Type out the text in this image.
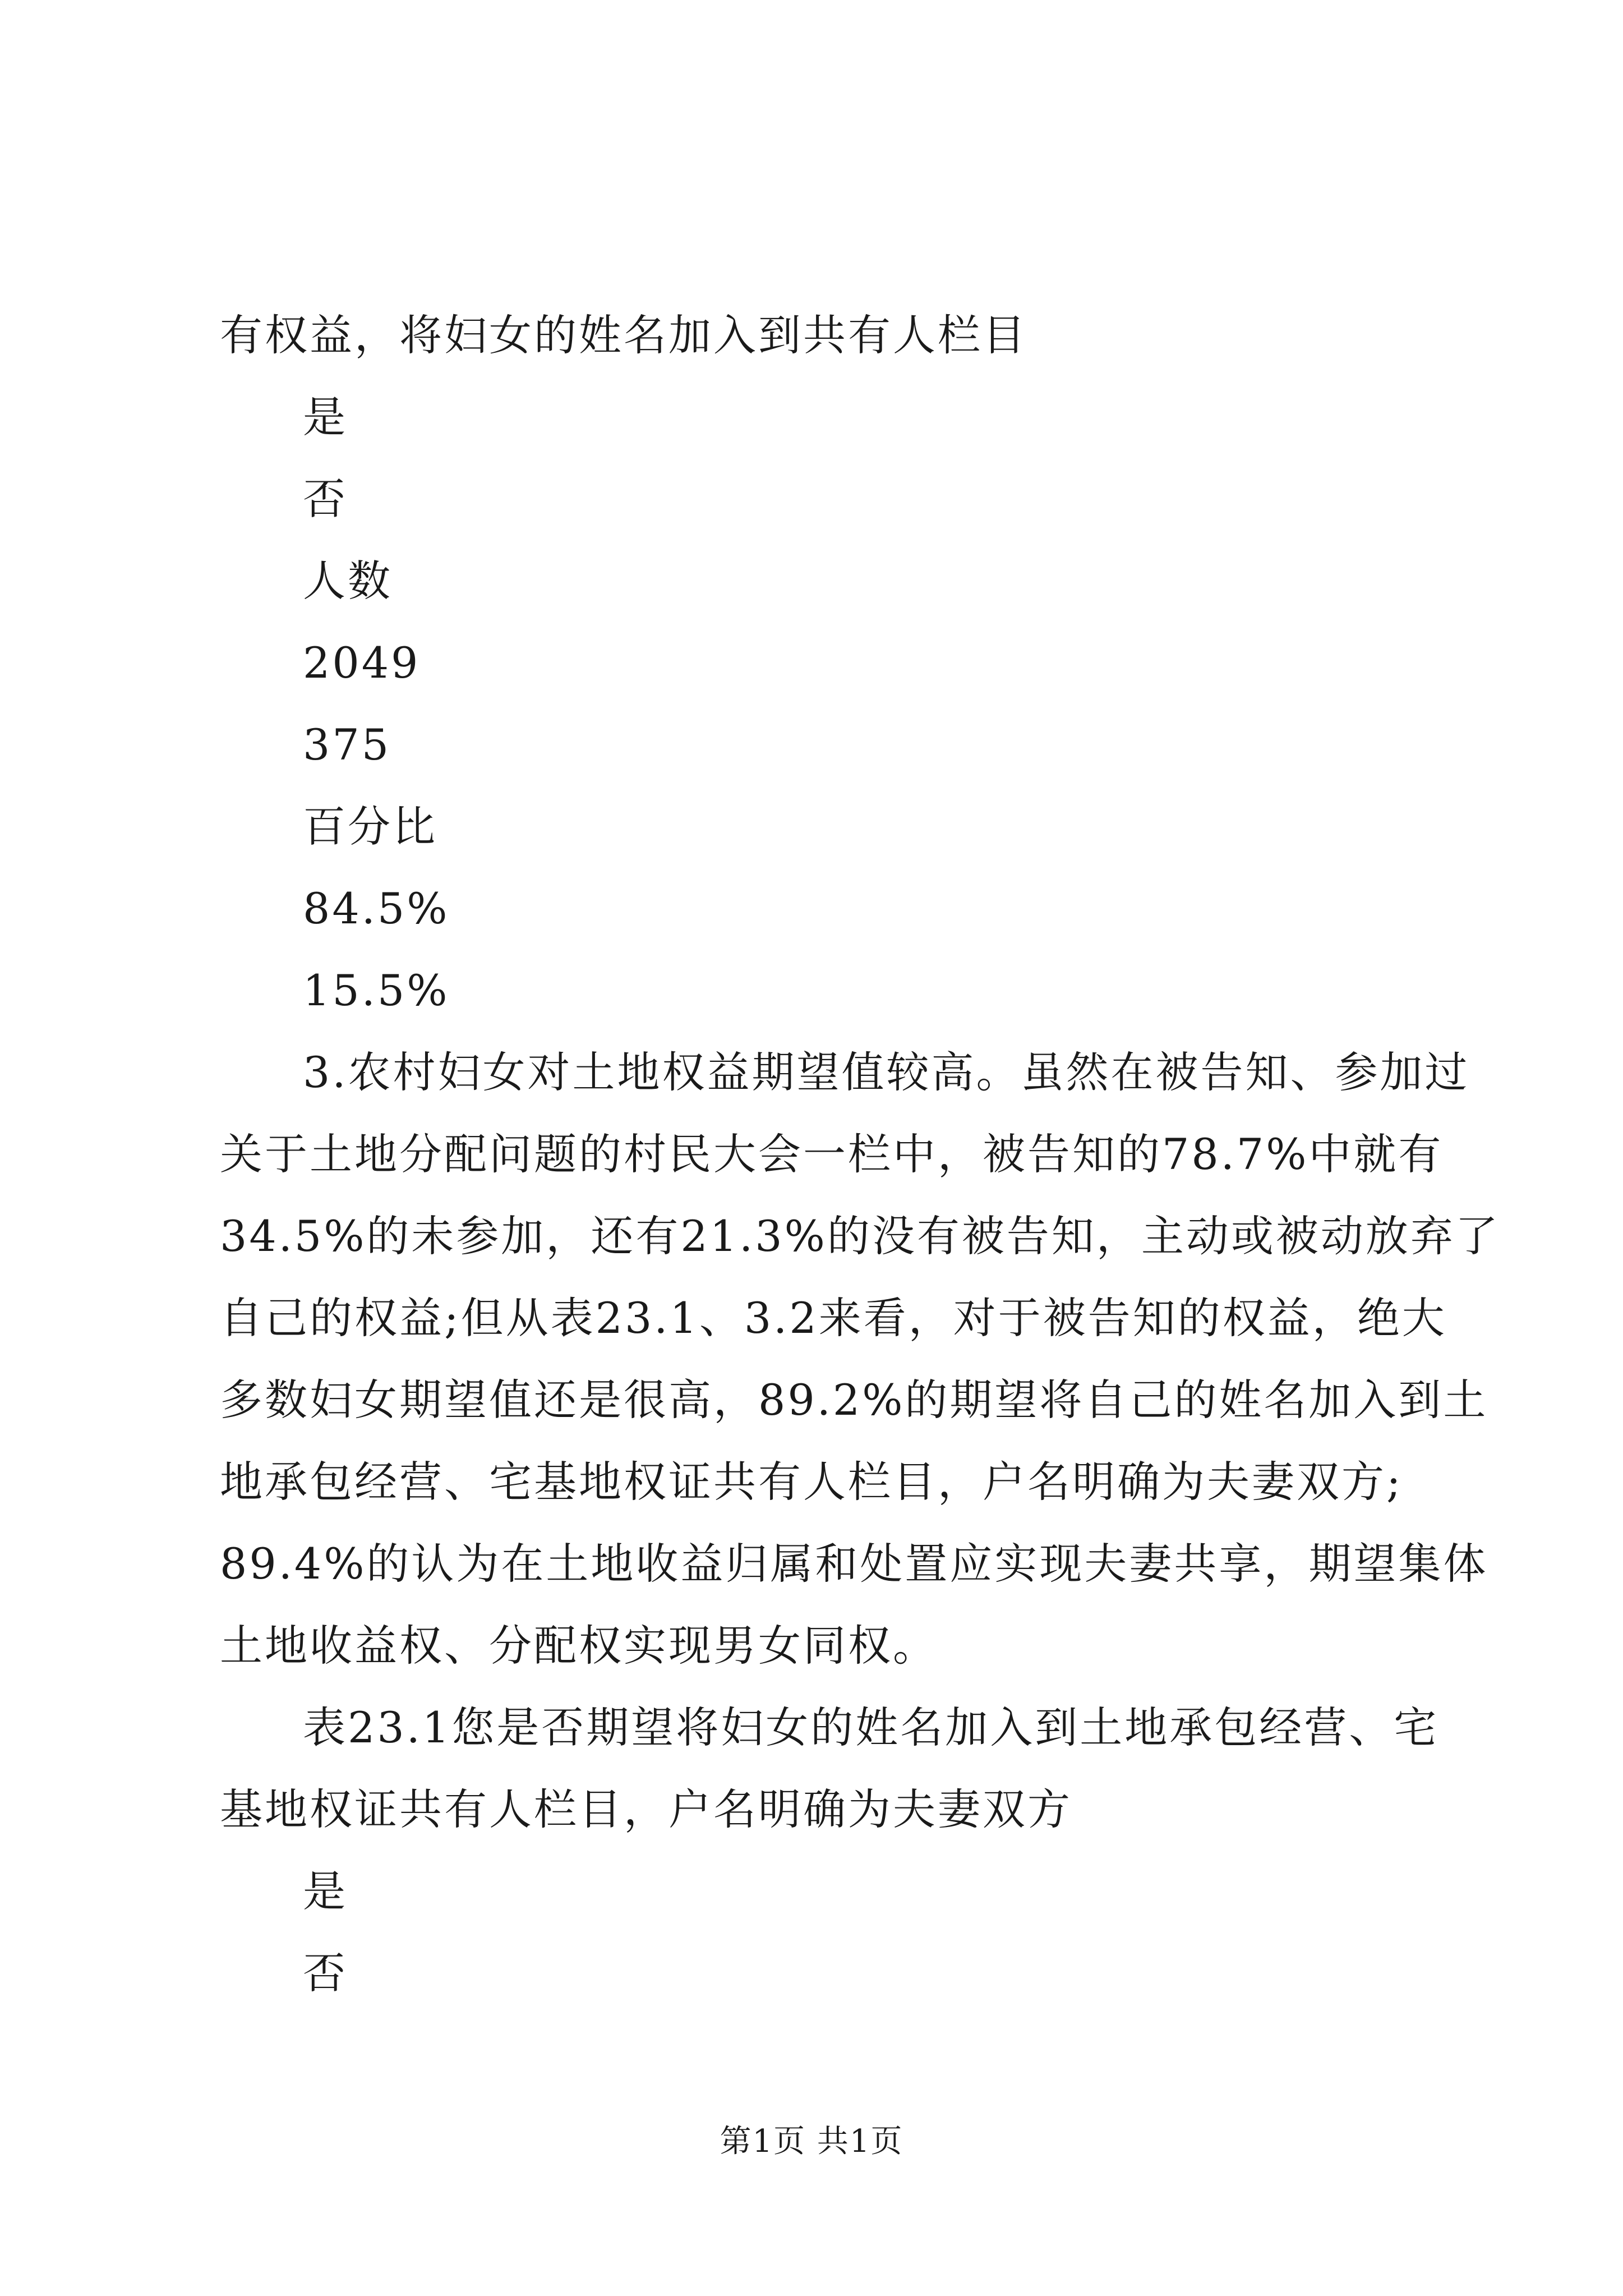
有权益，将妇女的姓名加入到共有人栏目
是
否
人数
2049
375
百分比
84.5%
15.5%
3.农村妇女对土地权益期望值较高。虽然在被告知、参加过
关于土地分配问题的村民大会一栏中，被告知的78.7%中就有
34.5%的未参加，还有21.3%的没有被告知，主动或被动放弃了
自己的权益;但从表23.1、3.2来看，对于被告知的权益，绝大
多数妇女期望值还是很高，89.2%的期望将自己的姓名加入到土
地承包经营、宅基地权证共有人栏目，户名明确为夫妻双方;
89.4%的认为在土地收益归属和处置应实现夫妻共享，期望集体
土地收益权、分配权实现男女同权。
表23.1您是否期望将妇女的姓名加入到土地承包经营、宅
基地权证共有人栏目，户名明确为夫妻双方
是
否
第1页 共1页
